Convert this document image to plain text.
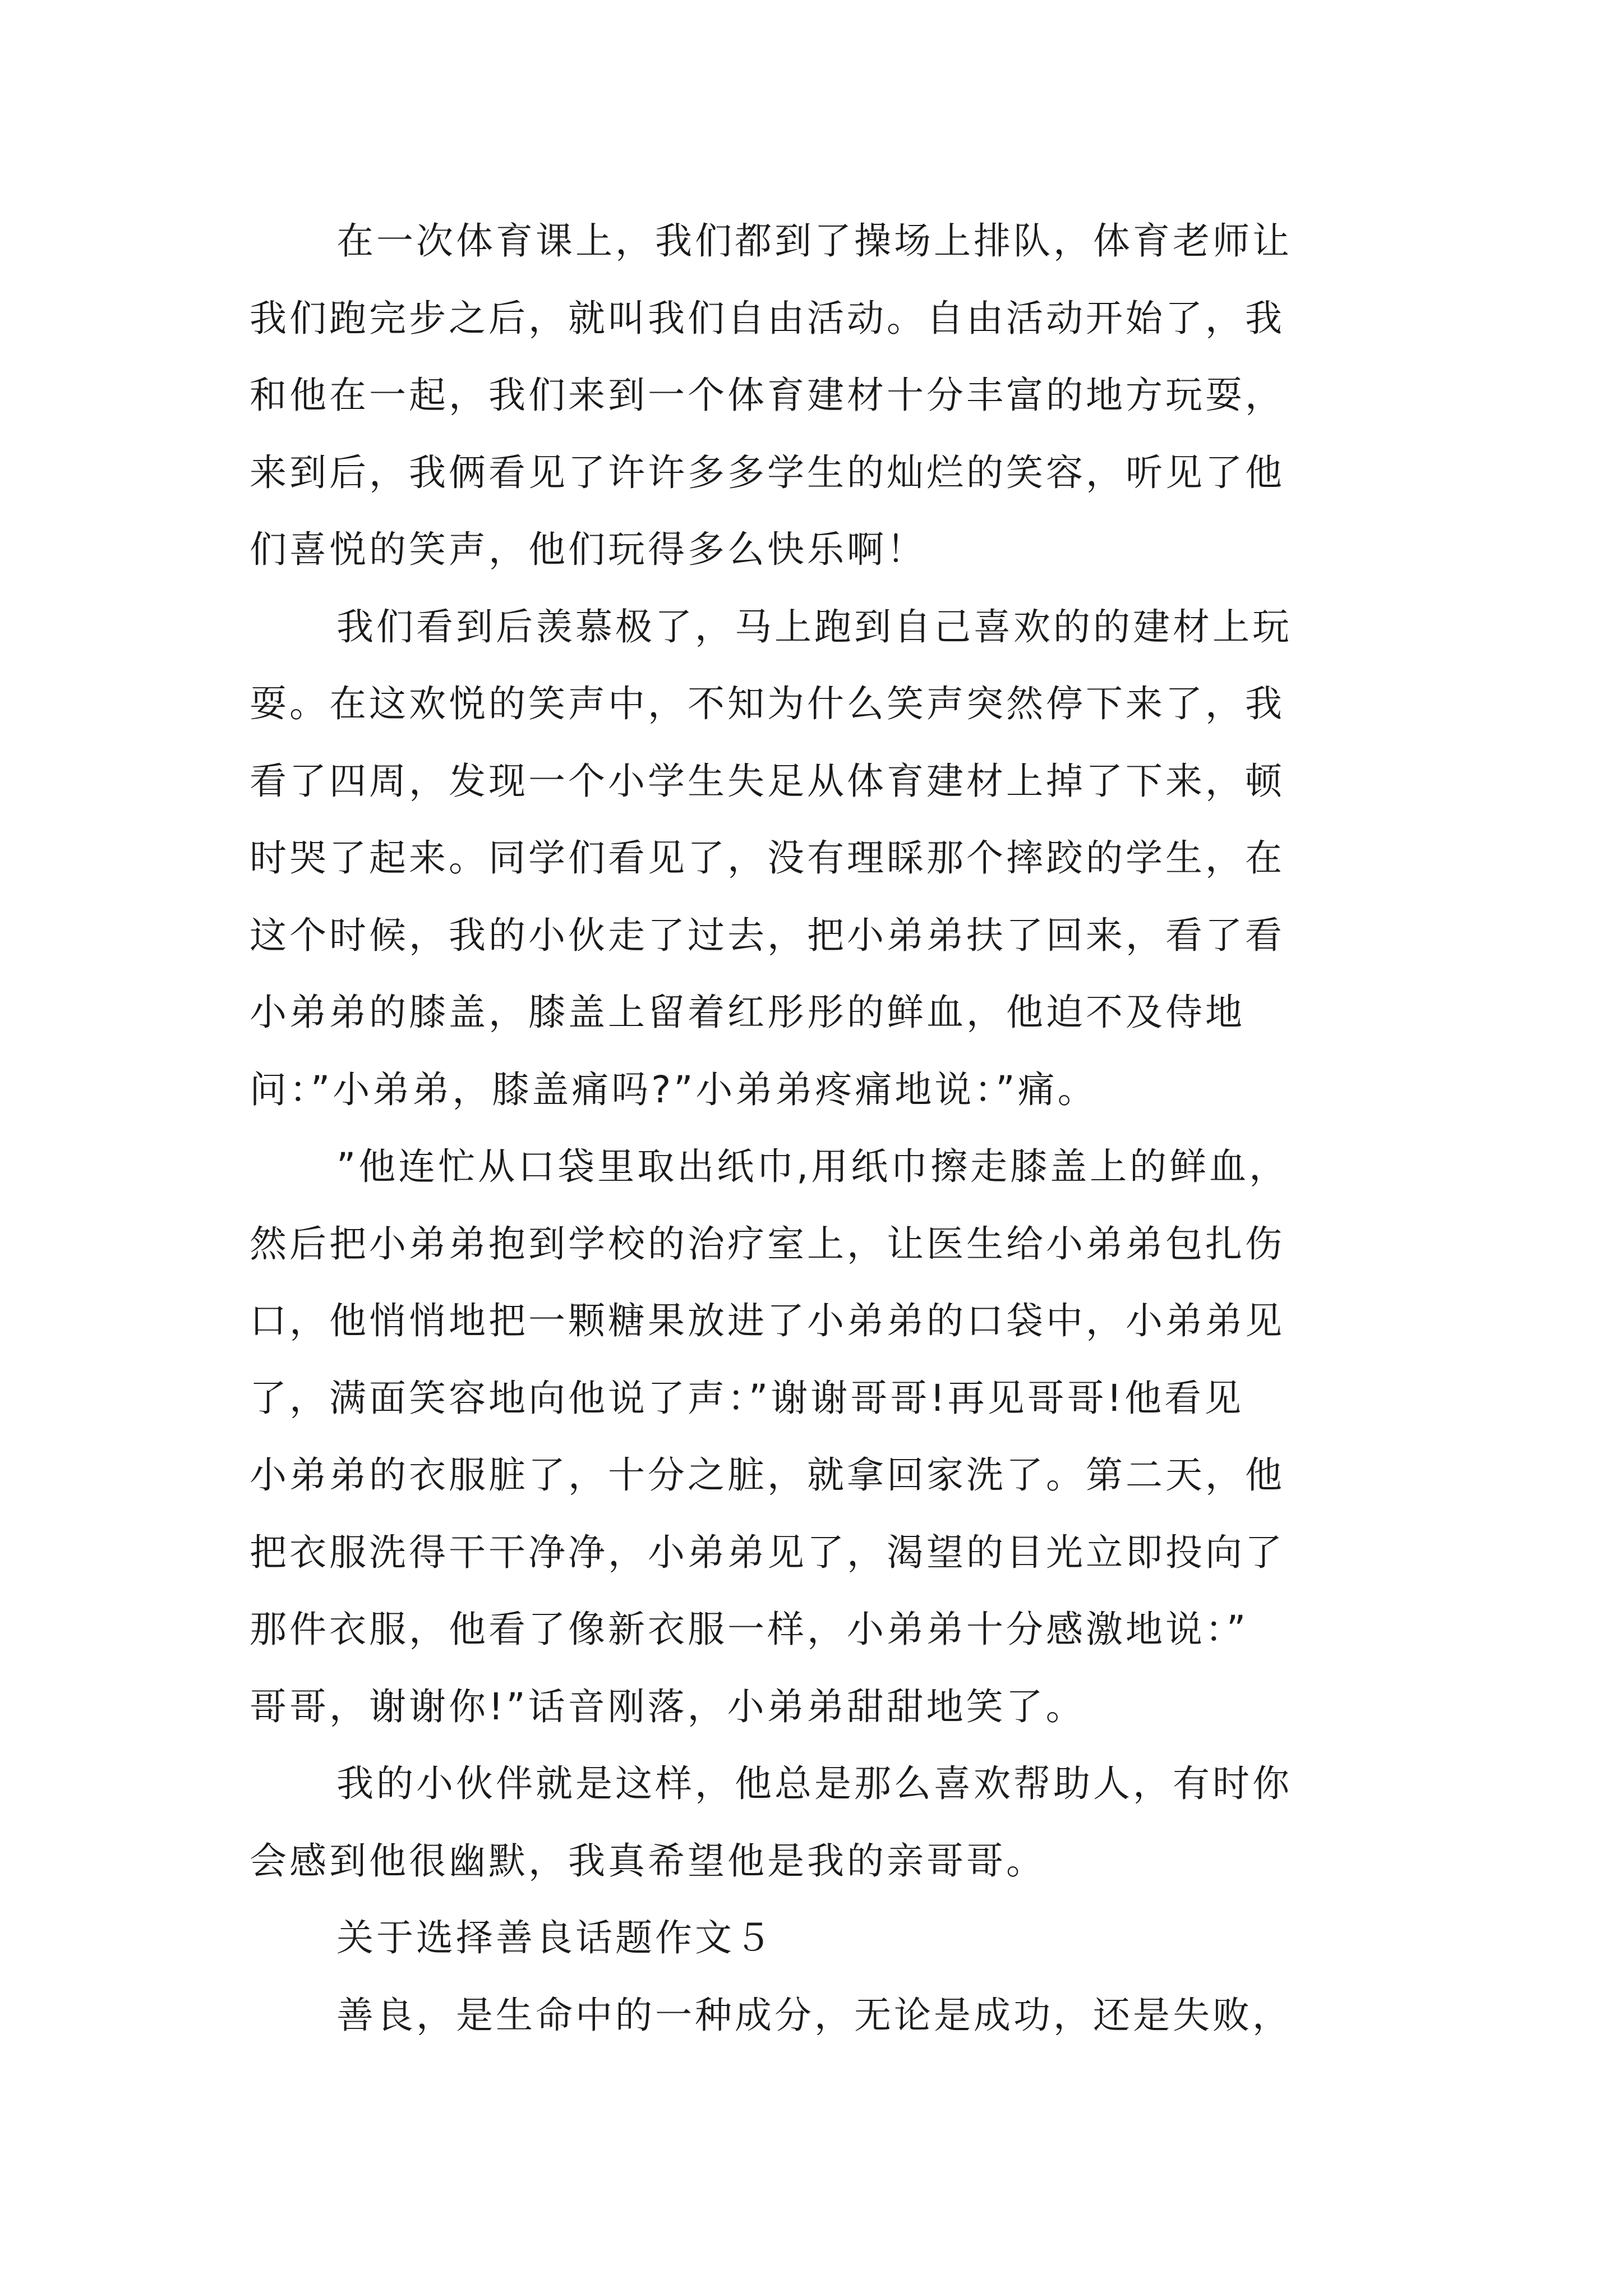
在一次体育课上，我们都到了操场上排队，体育老师让
我们跑完步之后，就叫我们自由活动。自由活动开始了，我
和他在一起，我们来到一个体育建材十分丰富的地方玩耍，
来到后，我俩看见了许许多多学生的灿烂的笑容，听见了他
们喜悦的笑声，他们玩得多么快乐啊！
我们看到后羡慕极了，马上跑到自己喜欢的的建材上玩
耍。在这欢悦的笑声中，不知为什么笑声突然停下来了，我
看了四周，发现一个小学生失足从体育建材上掉了下来，顿
时哭了起来。同学们看见了，没有理睬那个摔跤的学生，在
这个时候，我的小伙走了过去，把小弟弟扶了回来，看了看
小弟弟的膝盖，膝盖上留着红彤彤的鲜血，他迫不及侍地
问：”小弟弟，膝盖痛吗?”小弟弟疼痛地说：”痛。
”他连忙从口袋里取出纸巾,用纸巾擦走膝盖上的鲜血，
然后把小弟弟抱到学校的治疗室上，让医生给小弟弟包扎伤
口，他悄悄地把一颗糖果放进了小弟弟的口袋中，小弟弟见
了，满面笑容地向他说了声：”谢谢哥哥!再见哥哥!他看见
小弟弟的衣服脏了，十分之脏，就拿回家洗了。第二天，他
把衣服洗得干干净净，小弟弟见了，渴望的目光立即投向了
那件衣服，他看了像新衣服一样，小弟弟十分感激地说：”
哥哥，谢谢你!”话音刚落，小弟弟甜甜地笑了。
我的小伙伴就是这样，他总是那么喜欢帮助人，有时你
会感到他很幽默，我真希望他是我的亲哥哥。
关于选择善良话题作文５
善良，是生命中的一种成分，无论是成功，还是失败，
